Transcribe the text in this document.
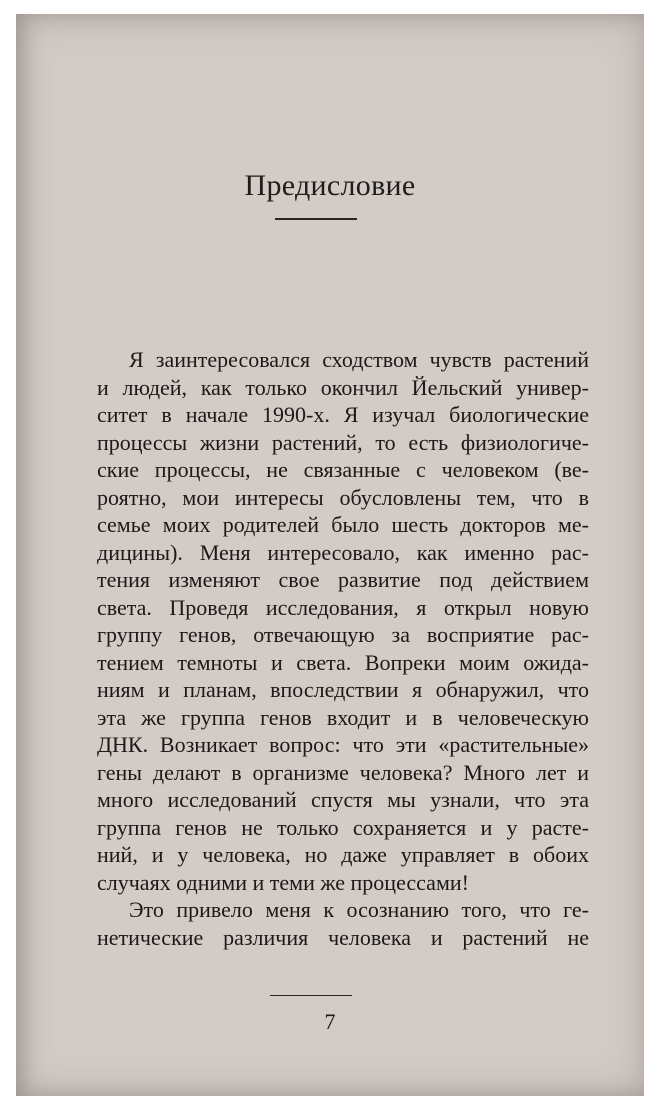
Предисловие
Я заинтересовался сходством чувств растений
и людей, как только окончил Йельский универ-
ситет в начале 1990-х. Я изучал биологические
процессы жизни растений, то есть физиологиче-
ские процессы, не связанные с человеком (ве-
роятно, мои интересы обусловлены тем, что в
семье моих родителей было шесть докторов ме-
дицины). Меня интересовало, как именно рас-
тения изменяют свое развитие под действием
света. Проведя исследования, я открыл новую
группу генов, отвечающую за восприятие рас-
тением темноты и света. Вопреки моим ожида-
ниям и планам, впоследствии я обнаружил, что
эта же группа генов входит и в человеческую
ДНК. Возникает вопрос: что эти «растительные»
гены делают в организме человека? Много лет и
много исследований спустя мы узнали, что эта
группа генов не только сохраняется и у расте-
ний, и у человека, но даже управляет в обоих
случаях одними и теми же процессами!
Это привело меня к осознанию того, что ге-
нетические различия человека и растений не
7
